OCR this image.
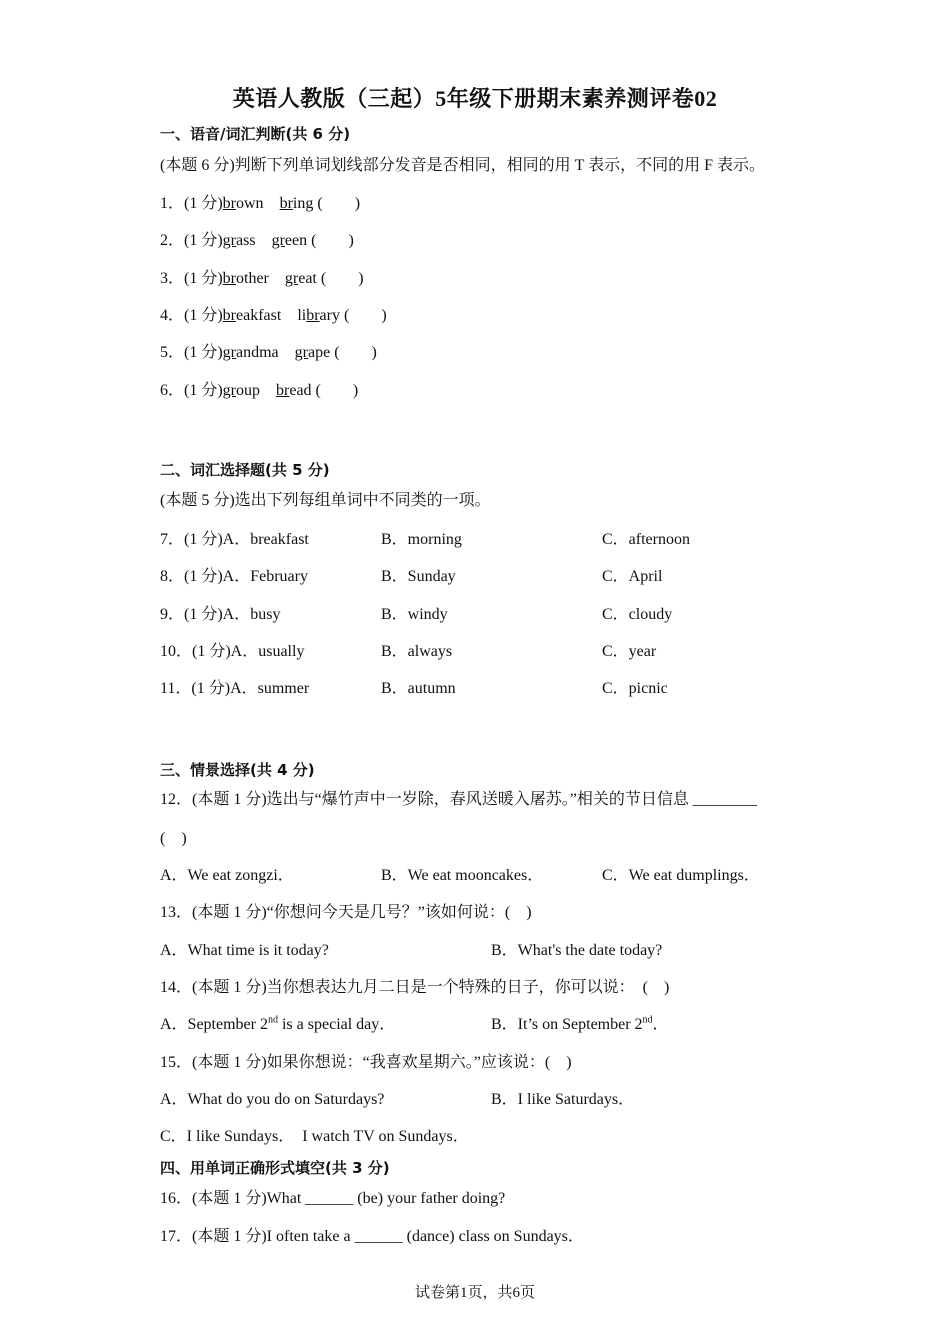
英语人教版（三起）5年级下册期末素养测评卷02
一、语音/词汇判断(共 6 分)
(本题 6 分)判断下列单词划线部分发音是否相同，相同的用 T 表示，不同的用 F 表示。
1．(1 分)brown　 bring (　　)
2．(1 分)grass　 green (　　)
3．(1 分)brother　 great (　　)
4．(1 分)breakfast　 library (　　)
5．(1 分)grandma　 grape (　　)
6．(1 分)group　 bread (　　)
二、词汇选择题(共 5 分)
(本题 5 分)选出下列每组单词中不同类的一项。
7．(1 分) A．breakfast	B．morning	C．afternoon
8．(1 分) A．February	B．Sunday	C．April
9．(1 分) A．busy	B．windy	C．cloudy
10．(1 分) A．usually	B．always	C．year
11．(1 分) A．summer	B．autumn	C．picnic
三、情景选择(共 4 分)
12．(本题 1 分)选出与“爆竹声中一岁除，春风送暖入屠苏。”相关的节日信息 ________
(　)
A．We eat zongzi．	B．We eat mooncakes．	C．We eat dumplings．
13．(本题 1 分)“你想问今天是几号？”该如何说：(　)
A．What time is it today?	B．What's the date today?
14．(本题 1 分)当你想表达九月二日是一个特殊的日子，你可以说：　(　)
A．September 2nd is a special day．	B．It’s on September 2nd．
15．(本题 1 分)如果你想说：“我喜欢星期六。”应该说：(　)
A．What do you do on Saturdays?	B．I like Saturdays．
C．I like Sundays．　I watch TV on Sundays．
四、用单词正确形式填空(共 3 分)
16．(本题 1 分)What ______ (be) your father doing?
17．(本题 1 分)I often take a ______ (dance) class on Sundays．
试卷第1页，共6页
